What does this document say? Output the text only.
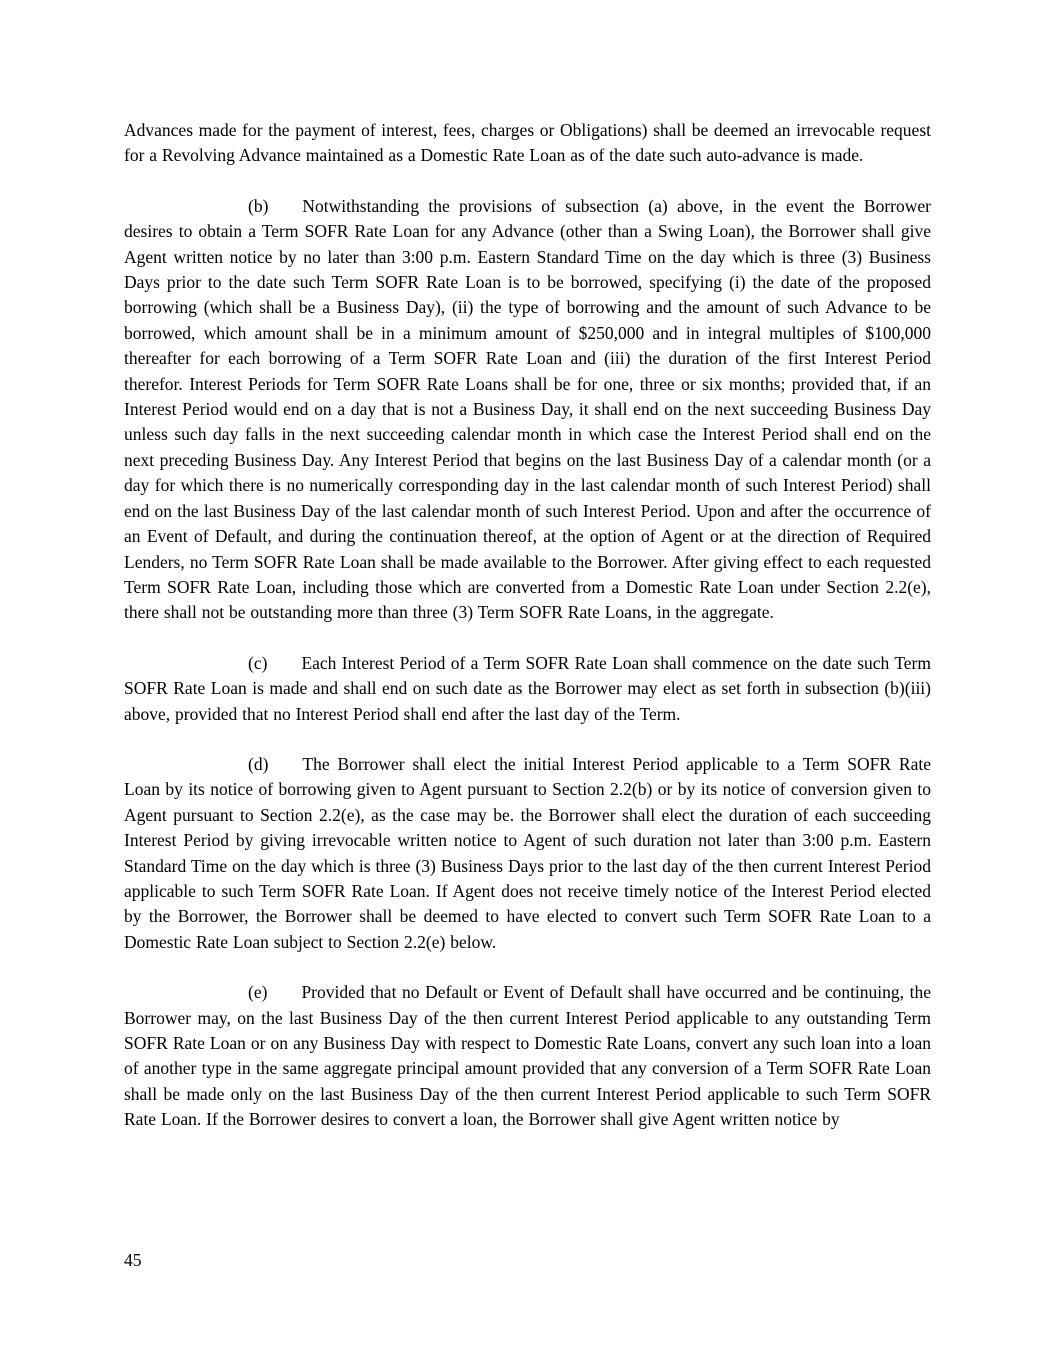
Advances made for the payment of interest, fees, charges or Obligations) shall be deemed an irrevocable request for a Revolving Advance maintained as a Domestic Rate Loan as of the date such auto-advance is made.

(b) Notwithstanding the provisions of subsection (a) above, in the event the Borrower desires to obtain a Term SOFR Rate Loan for any Advance (other than a Swing Loan), the Borrower shall give Agent written notice by no later than 3:00 p.m. Eastern Standard Time on the day which is three (3) Business Days prior to the date such Term SOFR Rate Loan is to be borrowed, specifying (i) the date of the proposed borrowing (which shall be a Business Day), (ii) the type of borrowing and the amount of such Advance to be borrowed, which amount shall be in a minimum amount of $250,000 and in integral multiples of $100,000 thereafter for each borrowing of a Term SOFR Rate Loan and (iii) the duration of the first Interest Period therefor. Interest Periods for Term SOFR Rate Loans shall be for one, three or six months; provided that, if an Interest Period would end on a day that is not a Business Day, it shall end on the next succeeding Business Day unless such day falls in the next succeeding calendar month in which case the Interest Period shall end on the next preceding Business Day. Any Interest Period that begins on the last Business Day of a calendar month (or a day for which there is no numerically corresponding day in the last calendar month of such Interest Period) shall end on the last Business Day of the last calendar month of such Interest Period. Upon and after the occurrence of an Event of Default, and during the continuation thereof, at the option of Agent or at the direction of Required Lenders, no Term SOFR Rate Loan shall be made available to the Borrower. After giving effect to each requested Term SOFR Rate Loan, including those which are converted from a Domestic Rate Loan under Section 2.2(e), there shall not be outstanding more than three (3) Term SOFR Rate Loans, in the aggregate.

(c) Each Interest Period of a Term SOFR Rate Loan shall commence on the date such Term SOFR Rate Loan is made and shall end on such date as the Borrower may elect as set forth in subsection (b)(iii) above, provided that no Interest Period shall end after the last day of the Term.

(d) The Borrower shall elect the initial Interest Period applicable to a Term SOFR Rate Loan by its notice of borrowing given to Agent pursuant to Section 2.2(b) or by its notice of conversion given to Agent pursuant to Section 2.2(e), as the case may be. the Borrower shall elect the duration of each succeeding Interest Period by giving irrevocable written notice to Agent of such duration not later than 3:00 p.m. Eastern Standard Time on the day which is three (3) Business Days prior to the last day of the then current Interest Period applicable to such Term SOFR Rate Loan. If Agent does not receive timely notice of the Interest Period elected by the Borrower, the Borrower shall be deemed to have elected to convert such Term SOFR Rate Loan to a Domestic Rate Loan subject to Section 2.2(e) below.

(e) Provided that no Default or Event of Default shall have occurred and be continuing, the Borrower may, on the last Business Day of the then current Interest Period applicable to any outstanding Term SOFR Rate Loan or on any Business Day with respect to Domestic Rate Loans, convert any such loan into a loan of another type in the same aggregate principal amount provided that any conversion of a Term SOFR Rate Loan shall be made only on the last Business Day of the then current Interest Period applicable to such Term SOFR Rate Loan. If the Borrower desires to convert a loan, the Borrower shall give Agent written notice by

45
